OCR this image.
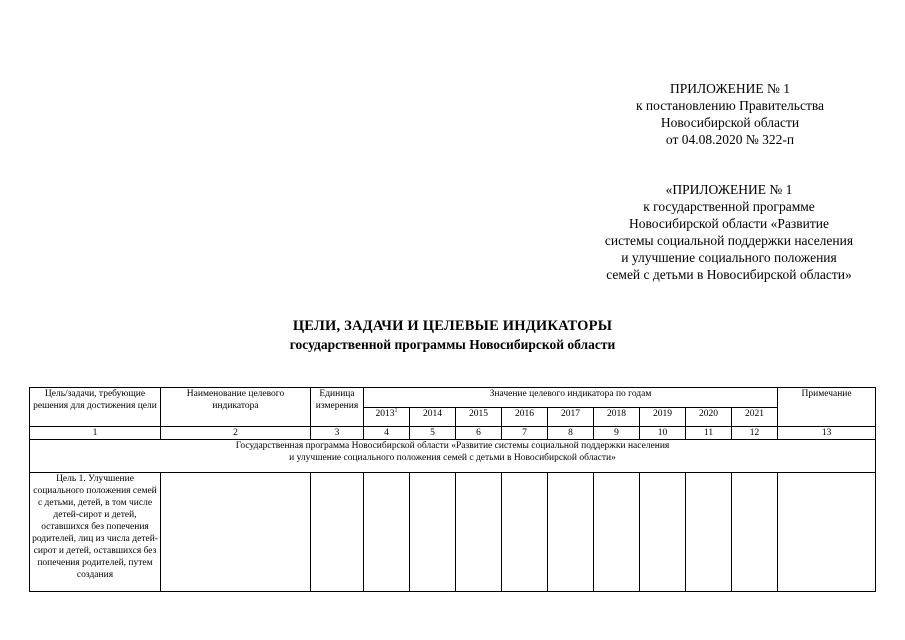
ПРИЛОЖЕНИЕ № 1
к постановлению Правительства
Новосибирской области
от 04.08.2020 № 322-п
«ПРИЛОЖЕНИЕ № 1
к государственной программе
Новосибирской области «Развитие
системы социальной поддержки населения
и улучшение социального положения
семей с детьми в Новосибирской области»
ЦЕЛИ, ЗАДАЧИ И ЦЕЛЕВЫЕ ИНДИКАТОРЫ
государственной программы Новосибирской области
Цель/задачи, требующие решения для достижения цели	Наименование целевого индикатора	Единица измерения	Значение целевого индикатора по годам									Примечание
			2013$^1$	2014	2015	2016	2017	2018	2019	2020	2021	
1	2	3	4	5	6	7	8	9	10	11	12	13

Государственная программа Новосибирской области «Развитие системы социальной поддержки населения
и улучшение социального положения семей с детьми в Новосибирской области»												

Цель 1. Улучшение социального положения семей с детьми, детей, в том числе детей-сирот и детей, оставшихся без попечения родителей, лиц из числа детей-сирот и детей, оставшихся без попечения родителей, путем создания												
